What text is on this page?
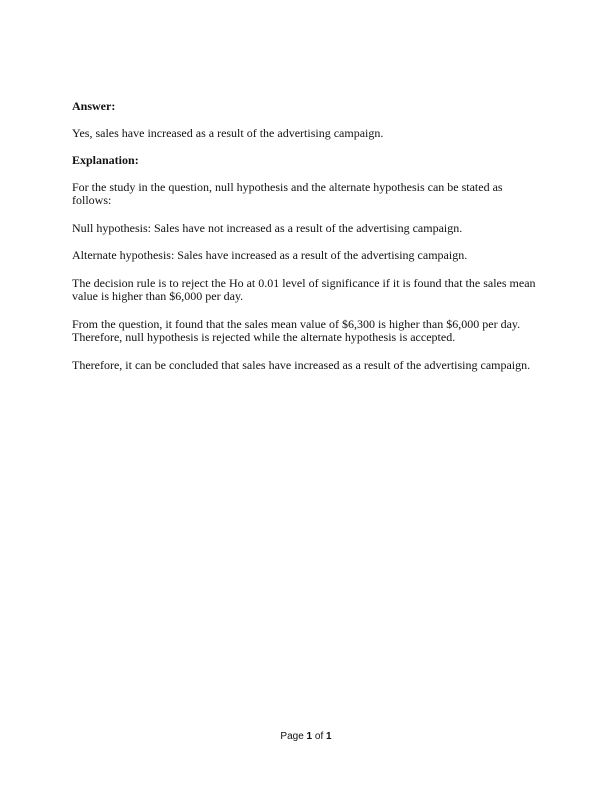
Answer:

Yes, sales have increased as a result of the advertising campaign.

Explanation:

For the study in the question, null hypothesis and the alternate hypothesis can be stated as follows:

Null hypothesis: Sales have not increased as a result of the advertising campaign.

Alternate hypothesis: Sales have increased as a result of the advertising campaign.

The decision rule is to reject the Ho at 0.01 level of significance if it is found that the sales mean value is higher than $6,000 per day.

From the question, it found that the sales mean value of $6,300 is higher than $6,000 per day. Therefore, null hypothesis is rejected while the alternate hypothesis is accepted.

Therefore, it can be concluded that sales have increased as a result of the advertising campaign.

Page 1 of 1
